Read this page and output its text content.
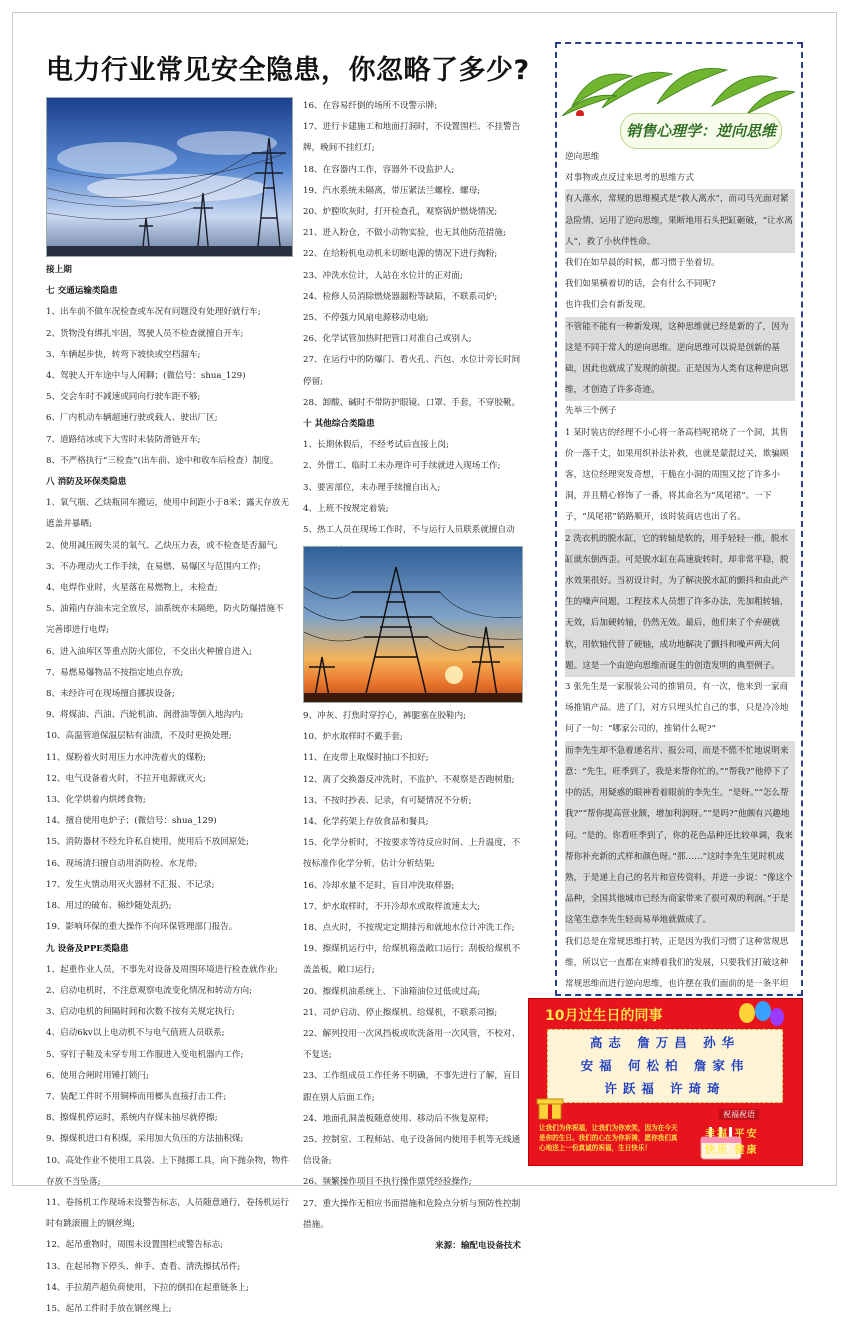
电力行业常见安全隐患，你忽略了多少?

接上期

七 交通运输类隐患

1、出车前不做车况检查或车况有问题没有处理好就行车;

2、货物没有绑扎牢固，驾驶人员不检查就擅自开车;

3、车辆起步快，转弯下坡快或空档溜车;

4、驾驶人开车途中与人闲聊；(微信号：shua_129)

5、交会车时不减速或同向行驶车距不够;

6、厂内机动车辆超速行驶或载人、驶出厂区;

7、道路结冰或下大雪时未装防滑链开车;

8、不严格执行“三检查”(出车前、途中和收车后检查）制度。

八 消防及环保类隐患

1、氧气瓶、乙炔瓶同车搬运，使用中间距小于8米；露天存放无遮盖并暴晒;

2、使用减压阀失灵的氧气、乙炔压力表，或不检查是否漏气;

3、不办理动火工作手续，在易燃、易爆区与范围内工作;

4、电焊作业时，火星落在易燃物上，未检查;

5、油箱内存油未完全放尽，油系统亦未隔绝，防火防爆措施不完善即进行电焊;

6、进入油库区等重点防火部位，不交出火种擅自进入;

7、易燃易爆物品不按指定地点存放;

8、未经许可在现场擅自挪拔设备;

9、将煤油、汽油、汽轮机油、润滑油等倒入地沟内;

10、高温管道保温层粘有油渍，不及时更换处理;

11、煤粉着火时用压力水冲洗着火的煤粉;

12、电气设备着火时，不拉开电源就灭火;

13、化学烘着内烘烤食物;

14、擅自使用电炉子；(微信号：shua_129)

15、消防器材不经允许私自使用，使用后不放回原处;

16、现场清扫擅自动用消防栓、水龙带;

17、发生火情动用灭火器材不汇报、不记录;

18、用过的破布、棉纱随处乱扔;

19、影响环保的重大操作不向环保管理部门报告。

九 设备及PPE类隐患

1、起重作业人员，不事先对设备及周围环境进行检查就作业;

2、启动电机时，不注意观察电流变化情况和转动方向;

3、启动电机的间隔时间和次数不按有关规定执行;

4、启动6kv以上电动机不与电气值班人员联系;

5、穿钉子鞋及未穿专用工作服进入变电机器内工作;

6、使用合闸时用锤打锁闩;

7、装配工件时不用铜棒而用榔头直接打击工件;

8、擦煤机停运时，系统内存煤未抽尽就停擦;

9、擦煤机进口有积煤，采用加大负压的方法抽积煤;

10、高处作业不使用工具袋、上下抛掷工具，向下抛杂物，物件存放不当坠落;

11、卷扬机工作现场未设警告标志，人员随意通行，卷扬机运行时有跳滚圈上的钢丝绳;

12、起吊重物时，周围未设置围栏或警告标志;

13、在起吊物下停头、伸手、查看、清洗擦拭吊件;

14、手拉葫芦超负荷使用，下拉的倒扣在起重链条上;

15、起吊工件时手放在钢丝绳上;

16、在容易纤倒的场所不设警示牌;

17、进行卡建施工和地面打洞时，不设置围栏、不挂警告牌，晚间不挂红灯;

18、在容器内工作，容器外不设监护人;

19、汽水系统未隔离，带压紧法兰螺栓、螺母;

20、炉膛吹灰时，打开检查孔，观察锅炉燃烧情况;

21、进入粉仓，不做小动物实验，也无其他防范措施;

22、在给粉机电动机未切断电源的情况下进行掏粉;

23、冲洗水位计，人站在水位计的正对面;

24、检修人员消除燃烧器漏粉等缺陷，不联系司炉;

25、不停强力风扇电源移动电扇;

26、化学试管加热时把管口对准自己或别人;

27、在运行中的防爆门、看火孔、汽包、水位计旁长时间停留;

28、卸酸、碱时不带防护眼镜、口罩、手套，不穿胶靴。

十 其他综合类隐患

1、长期休假后，不经考试后直接上岗;

2、外借工、临时工未办理许可手续就进入现场工作;

3、要害部位，未办理手续擅自出入;

4、上班不按规定着装;

5、热工人员在现场工作时，不与运行人员联系就擅自动

9、冲灰、打焦时穿拧心，裤腿塞在胶鞋内;

10、炉水取样时不戴手套;

11、在皮带上取煤时抽口不扣好;

12、离了交换器反冲洗时，不监护、不观察是否跑树脂;

13、不按时抄表、记录，有可疑情况不分析;

14、化学药架上存放食品和餐具;

15、化学分析时，不按要求等待反应时间、上升温度，不按标准作化学分析，估计分析结果;

16、冷却水量不足时，盲目冲洗取样器;

17、炉水取样时，不开冷却水或取样流速太大;

18、点火时，不按规定定期排污和就地水位计冲洗工作;

19、擦煤机运行中，给煤机箱盖敞口运行；刮板给煤机不盖盖板，敞口运行;

20、擦煤机油系统上、下油箱油位过低或过高;

21、司炉启动、停止擦煤机、给煤机，不联系司擦;

22、解列投用一次风挡板或吹洗备用一次风管，不校对、不复送;

23、工作组成员工作任务不明确，不事先进行了解，盲目跟在别人后面工作;

24、地面孔洞盖板随意使用、移动后不恢复原样;

25、控制室、工程师站、电子设备间内使用手机等无线通信设备;

26、频繁操作项目不执行操作票凭经验操作;

27、重大操作无相应书面措施和危险点分析与预防性控制措施。

来源：输配电设备技术

销售心理学：逆向思维

逆向思维

对事物或点反过来思考的思维方式

有人落水，常规的思维模式是“救人离水”，而司马光面对紧急险情，运用了逆向思维，果断地用石头把缸砸破，“让水离人”，救了小伙伴性命。

我们在如早晨的时候，都习惯于坐着切。

我们如果横着切的话，会有什么不同呢?

也许我们会有新发现。

不管能不能有一种新发现，这种思维就已经是新的了，因为这是不同于常人的逆向思维。逆向思维可以说是创新的基础，因此也就成了发现的前提。正是因为人类有这种逆向思维，才创造了许多奇迹。

先举三个例子

1 某时装店的经理不小心将一条高档呢裙烧了一个洞，其售价一落千丈，如果用织补法补救，也就是蒙混过关，欺骗顾客，这位经理突发奇想，干脆在小洞的周围又挖了许多小洞，并且精心修饰了一番，将其命名为“凤尾裙”。一下子，“凤尾裙”销路顺开，该时装商店也出了名。

2 洗衣机的脱水缸，它的转轴是软的，用手轻轻一推，脱水缸就东倒西歪。可是脱水缸在高速旋转时，却非常平稳，脱水效果很好。当初设计时，为了解决脱水缸的颤抖和由此产生的噪声问题，工程技术人员想了许多办法，先加粗转轴，无效，后加硬转轴，仍然无效。最后，他们来了个弃硬就软，用软轴代替了硬轴，成功地解决了颤抖和噪声两大问题。这是一个由逆向思维而诞生的创造发明的典型例子。

3 张先生是一家服装公司的推销员，有一次，他来到一家商场推销产品。进了门，对方只埋头忙自己的事，只是冷冷地问了一句：“哪家公司的，推销什么呢?”

而李先生却不急着递名片、报公司，而是不慌不忙地说明来意：“先生，旺季到了，我是来帮你忙的。”“帮我?”他停下了中的活，用疑惑的眼神看着眼前的李先生。“是呀。”“怎么帮我?”“帮你提高营业额，增加利润呀。”“是吗?”他颇有兴趣地问。“是的。你看旺季到了，你的花色品种还比较单调，我来帮你补充新的式样和颜色呀。”那……”这时李先生见时机成熟，于是递上自己的名片和宣传资料，并进一步说：“像这个品种，全国其他城市已经为商家带来了很可观的利润。”于是这笔生意李先生轻而易举地就做成了。

我们总是在常规思维打转，正是因为我们习惯了这种常规思维，所以它一直都在束缚着我们的发展，只要我们打破这种常规思维而进行逆向思维，也许摆在我们面前的是一条平坦

10月过生日的同事
高志 詹万昌 孙华
安福 何松柏 詹家伟
许跃福 许琦琦
让我们为你祝福，让我们为你欢笑，因为在今天是你的生日。我们的心在为你祈祷，愿你我们真心地送上一份真诚的祝福，生日快乐！
祝福祝语
幸福 平安
快乐 健康
